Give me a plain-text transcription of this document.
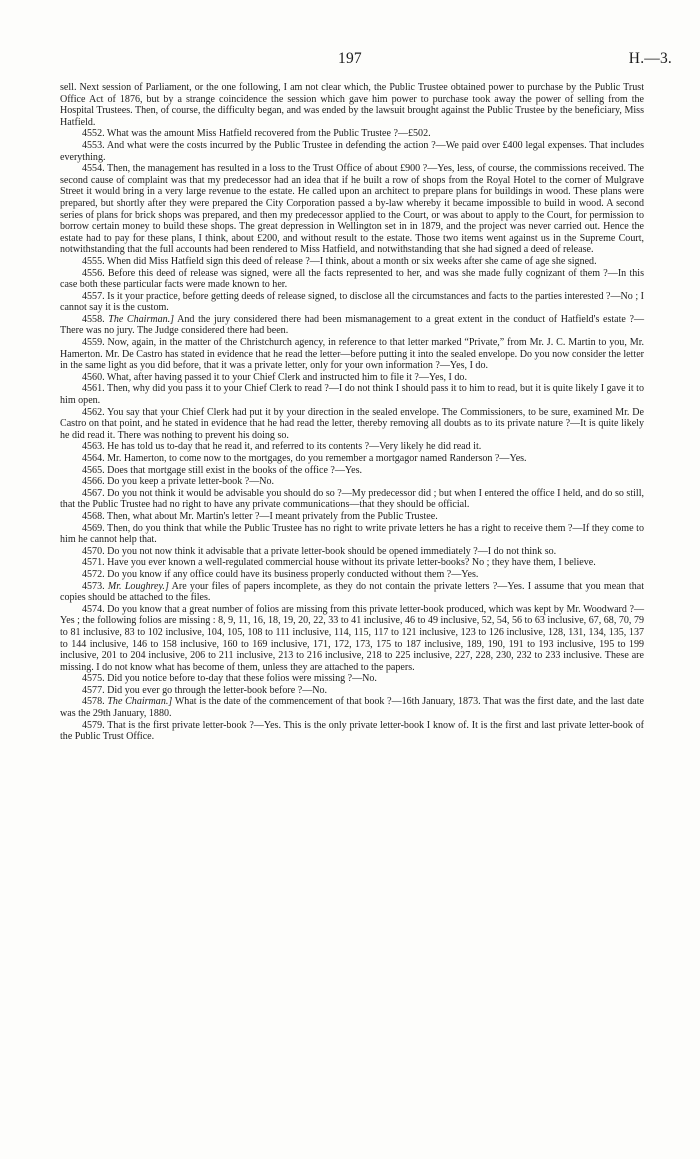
197	H.—3.

sell. Next session of Parliament, or the one following, I am not clear which, the Public Trustee obtained power to purchase by the Public Trust Office Act of 1876, but by a strange coincidence the session which gave him power to purchase took away the power of selling from the Hospital Trustees. Then, of course, the difficulty began, and was ended by the lawsuit brought against the Public Trustee by the beneficiary, Miss Hatfield.

4552. What was the amount Miss Hatfield recovered from the Public Trustee ?—£502.

4553. And what were the costs incurred by the Public Trustee in defending the action ?—We paid over £400 legal expenses. That includes everything.

4554. Then, the management has resulted in a loss to the Trust Office of about £900 ?—Yes, less, of course, the commissions received. The second cause of complaint was that my predecessor had an idea that if he built a row of shops from the Royal Hotel to the corner of Mulgrave Street it would bring in a very large revenue to the estate. He called upon an architect to prepare plans for buildings in wood. These plans were prepared, but shortly after they were prepared the City Corporation passed a by-law whereby it became impossible to build in wood. A second series of plans for brick shops was prepared, and then my predecessor applied to the Court, or was about to apply to the Court, for permission to borrow certain money to build these shops. The great depression in Wellington set in in 1879, and the project was never carried out. Hence the estate had to pay for these plans, I think, about £200, and without result to the estate. Those two items went against us in the Supreme Court, notwithstanding that the full accounts had been rendered to Miss Hatfield, and notwithstanding that she had signed a deed of release.

4555. When did Miss Hatfield sign this deed of release ?—I think, about a month or six weeks after she came of age she signed.

4556. Before this deed of release was signed, were all the facts represented to her, and was she made fully cognizant of them ?—In this case both these particular facts were made known to her.

4557. Is it your practice, before getting deeds of release signed, to disclose all the circumstances and facts to the parties interested ?—No ; I cannot say it is the custom.

4558. The Chairman.] And the jury considered there had been mismanagement to a great extent in the conduct of Hatfield's estate ?—There was no jury. The Judge considered there had been.

4559. Now, again, in the matter of the Christchurch agency, in reference to that letter marked “Private,” from Mr. J. C. Martin to you, Mr. Hamerton. Mr. De Castro has stated in evidence that he read the letter—before putting it into the sealed envelope. Do you now consider the letter in the same light as you did before, that it was a private letter, only for your own information ?—Yes, I do.

4560. What, after having passed it to your Chief Clerk and instructed him to file it ?—Yes, I do.

4561. Then, why did you pass it to your Chief Clerk to read ?—I do not think I should pass it to him to read, but it is quite likely I gave it to him open.

4562. You say that your Chief Clerk had put it by your direction in the sealed envelope. The Commissioners, to be sure, examined Mr. De Castro on that point, and he stated in evidence that he had read the letter, thereby removing all doubts as to its private nature ?—It is quite likely he did read it. There was nothing to prevent his doing so.

4563. He has told us to-day that he read it, and referred to its contents ?—Very likely he did read it.

4564. Mr. Hamerton, to come now to the mortgages, do you remember a mortgagor named Randerson ?—Yes.

4565. Does that mortgage still exist in the books of the office ?—Yes.

4566. Do you keep a private letter-book ?—No.

4567. Do you not think it would be advisable you should do so ?—My predecessor did ; but when I entered the office I held, and do so still, that the Public Trustee had no right to have any private communications—that they should be official.

4568. Then, what about Mr. Martin's letter ?—I meant privately from the Public Trustee.

4569. Then, do you think that while the Public Trustee has no right to write private letters he has a right to receive them ?—If they come to him he cannot help that.

4570. Do you not now think it advisable that a private letter-book should be opened immediately ?—I do not think so.

4571. Have you ever known a well-regulated commercial house without its private letter-books? No ; they have them, I believe.

4572. Do you know if any office could have its business properly conducted without them ?—Yes.

4573. Mr. Loughrey.] Are your files of papers incomplete, as they do not contain the private letters ?—Yes. I assume that you mean that copies should be attached to the files.

4574. Do you know that a great number of folios are missing from this private letter-book produced, which was kept by Mr. Woodward ?—Yes ; the following folios are missing : 8, 9, 11, 16, 18, 19, 20, 22, 33 to 41 inclusive, 46 to 49 inclusive, 52, 54, 56 to 63 inclusive, 67, 68, 70, 79 to 81 inclusive, 83 to 102 inclusive, 104, 105, 108 to 111 inclusive, 114, 115, 117 to 121 inclusive, 123 to 126 inclusive, 128, 131, 134, 135, 137 to 144 inclusive, 146 to 158 inclusive, 160 to 169 inclusive, 171, 172, 173, 175 to 187 inclusive, 189, 190, 191 to 193 inclusive, 195 to 199 inclusive, 201 to 204 inclusive, 206 to 211 inclusive, 213 to 216 inclusive, 218 to 225 inclusive, 227, 228, 230, 232 to 233 inclusive. These are missing. I do not know what has become of them, unless they are attached to the papers.

4575. Did you notice before to-day that these folios were missing ?—No.

4577. Did you ever go through the letter-book before ?—No.

4578. The Chairman.] What is the date of the commencement of that book ?—16th January, 1873. That was the first date, and the last date was the 29th January, 1880.

4579. That is the first private letter-book ?—Yes. This is the only private letter-book I know of. It is the first and last private letter-book of the Public Trust Office.
